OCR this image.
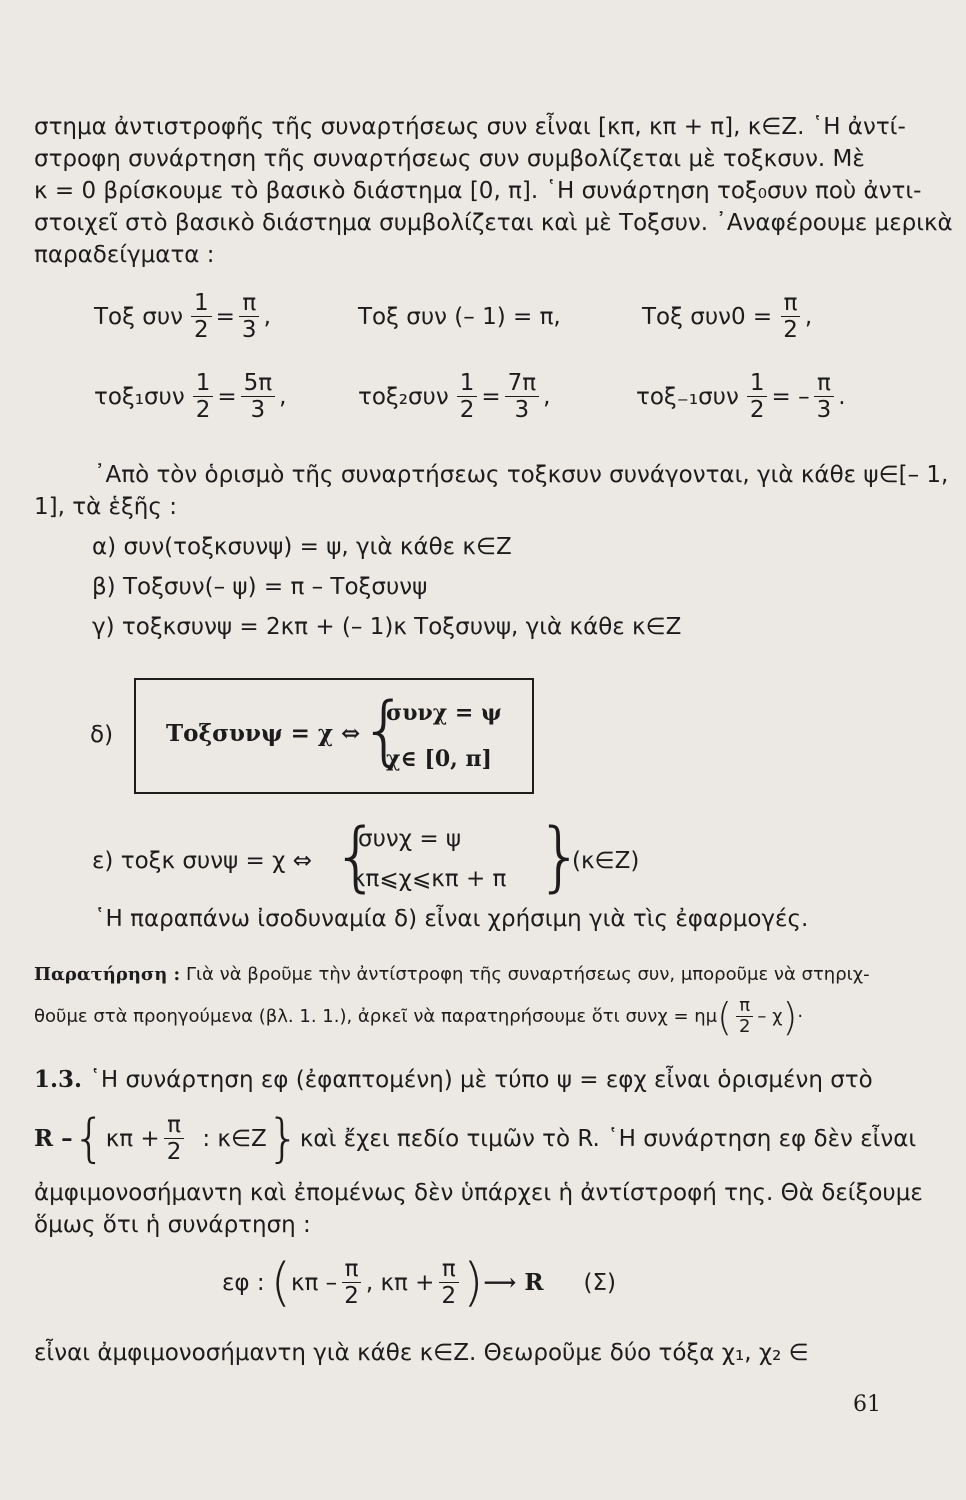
στημα ἀντιστροφῆς τῆς συναρτήσεως συν εἶναι [κπ, κπ + π], κ∈Z. ῾Η ἀντί-
στροφη συνάρτηση τῆς συναρτήσεως συν συμβολίζεται μὲ τοξκσυν. Μὲ
κ = 0 βρίσκουμε τὸ βασικὸ διάστημα [0, π]. ῾Η συνάρτηση τοξ₀συν ποὺ ἀντι-
στοιχεῖ στὸ βασικὸ διάστημα συμβολίζεται καὶ μὲ Τοξσυν. ᾿Αναφέρουμε μερικὰ
παραδείγματα :
Τοξ συν $\frac{1}{2} = \frac{\pi}{3}$ ,	Τοξ συν (– 1) = π,	Τοξ $\sigma\upsilon\nu 0 = \frac{\pi}{2}$ ,
$\tau o\xi_1\sigma\upsilon\nu \frac{1}{2} = \frac{5\pi}{3}$ ,	$\tau o\xi_2\sigma\upsilon\nu \frac{1}{2} = \frac{7\pi}{3}$ ,	$\tau o\xi_{-1}\sigma\upsilon\nu \frac{1}{2}$ = – $\frac{\pi}{3}$ .
᾿Απὸ τὸν ὁρισμὸ τῆς συναρτήσεως τοξκσυν συνάγονται, γιὰ κάθε ψ∈[– 1,
1], τὰ ἑξῆς :
α) συν(τοξκσυνψ) = ψ, γιὰ κάθε κ∈Z
β) Τοξσυν(– ψ) = π – Τοξσυνψ
γ) τοξκσυνψ = 2κπ + (– 1)κ Τοξσυνψ, γιὰ κάθε κ∈Z
δ) Τοξσυνψ = χ ⇔ {
συνχ = ψ
χ∈ [0, π]
ε) τοξκ συνψ = χ ⇔ {
συνχ = ψ
κπ⩽χ⩽κπ + π }
(κ∈Z)
῾Η παραπάνω ἰσοδυναμία δ) εἶναι χρήσιμη γιὰ τὶς ἐφαρμογές.
Παρατήρηση : Γιὰ νὰ βροῦμε τὴν ἀντίστροφη τῆς συναρτήσεως συν, μποροῦμε νὰ στηριχ-
θοῦμε στὰ προηγούμενα (βλ. 1. 1.), ἀρκεῖ νὰ παρατηρήσουμε ὅτι συνχ = ημ ( $\frac{\pi}{2}$ – χ ) ·
1.3. ῾Η συνάρτηση εφ (ἐφαπτομένη) μὲ τύπο ψ = εφχ εἶναι ὁρισμένη στὸ
R – { $\kappa\pi + \frac{\pi}{2}$ : κ∈Z } καὶ ἔχει πεδίο τιμῶν τὸ R. ῾Η συνάρτηση εφ δὲν εἶναι
ἀμφιμονοσήμαντη καὶ ἐπομένως δὲν ὑπάρχει ἡ ἀντίστροφή της. Θὰ δείξουμε
ὅμως ὅτι ἡ συνάρτηση :
εφ : ( κπ – $\frac{\pi}{2}$ , $\kappa\pi + \frac{\pi}{2}$ ) ⟶ R (Σ)
εἶναι ἀμφιμονοσήμαντη γιὰ κάθε κ∈Z. Θεωροῦμε δύο τόξα χ₁, χ₂ ∈
61
